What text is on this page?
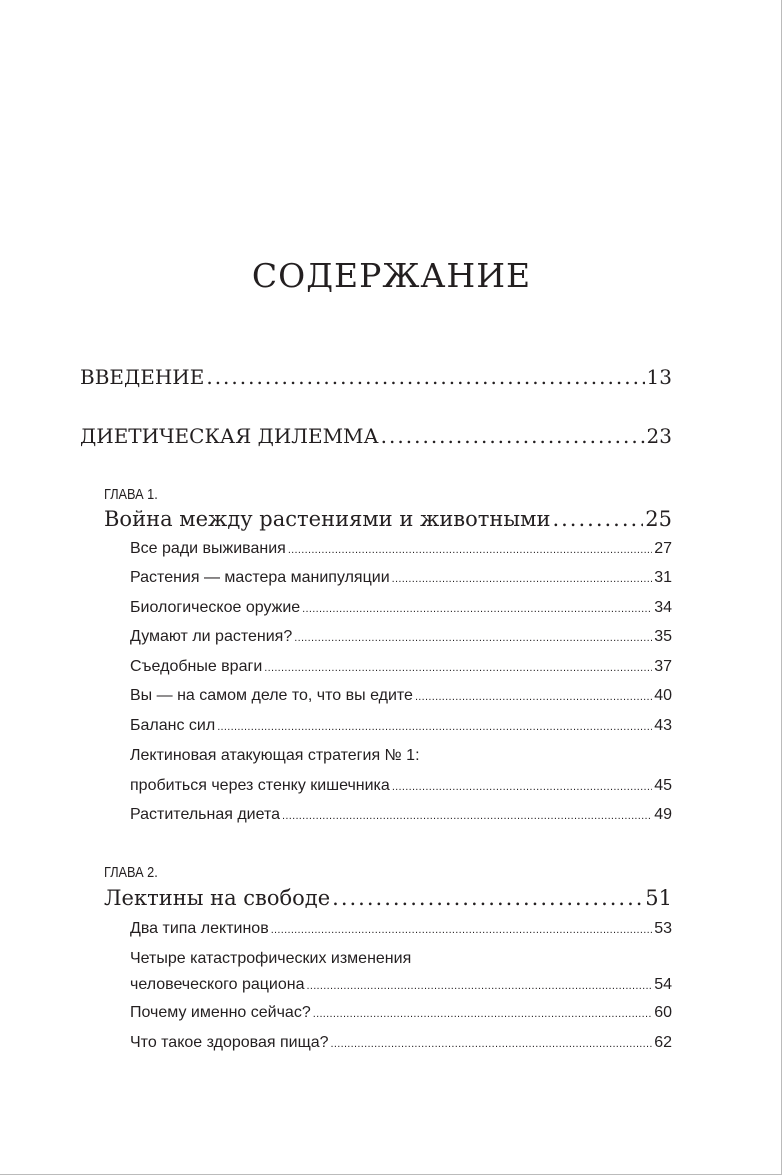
СОДЕРЖАНИЕ
ВВЕДЕНИЕ .....	13
ДИЕТИЧЕСКАЯ ДИЛЕММА .....	23
ГЛАВА 1.
Война между растениями и животными .....	25
Все ради выживания .....	27
Растения — мастера манипуляции .....	31
Биологическое оружие .....	34
Думают ли растения? .....	35
Съедобные враги .....	37
Вы — на самом деле то, что вы едите .....	40
Баланс сил .....	43
Лектиновая атакующая стратегия № 1:
пробиться через стенку кишечника .....	45
Растительная диета .....	49
ГЛАВА 2.
Лектины на свободе .....	51
Два типа лектинов .....	53
Четыре катастрофических изменения
человеческого рациона .....	54
Почему именно сейчас? .....	60
Что такое здоровая пища? .....	62
